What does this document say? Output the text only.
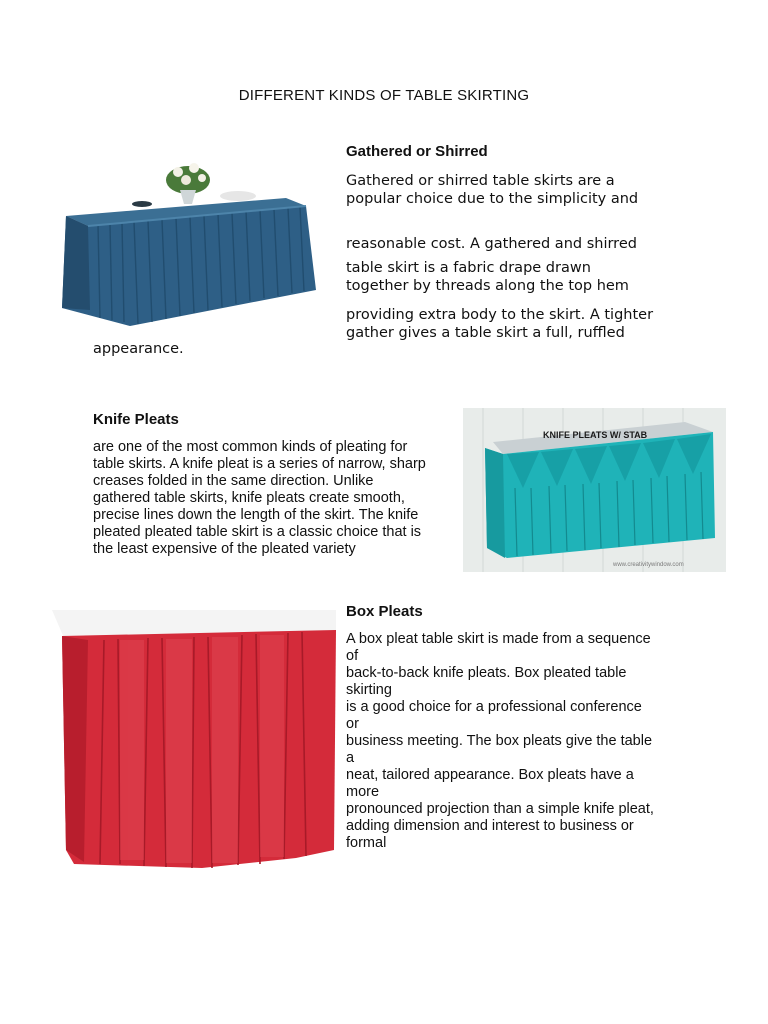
DIFFERENT KINDS OF TABLE SKIRTING
Gathered or Shirred
Gathered or shirred table skirts are a
popular choice due to the simplicity and
reasonable cost. A gathered and shirred
table skirt is a fabric drape drawn
together by threads along the top hem
providing extra body to the skirt. A tighter
gather gives a table skirt a full, ruffled
appearance.
Knife Pleats
are one of the most common kinds of pleating for
table skirts. A knife pleat is a series of narrow, sharp
creases folded in the same direction. Unlike
gathered table skirts, knife pleats create smooth,
precise lines down the length of the skirt. The knife
pleated pleated table skirt is a classic choice that is
the least expensive of the pleated variety
KNIFE PLEATS W/ STAB
www.creativitywindow.com
Box Pleats
A box pleat table skirt is made from a sequence
of
back-to-back knife pleats. Box pleated table
skirting
is a good choice for a professional conference
or
business meeting. The box pleats give the table
a
neat, tailored appearance. Box pleats have a
more
pronounced projection than a simple knife pleat,
adding dimension and interest to business or
formal
